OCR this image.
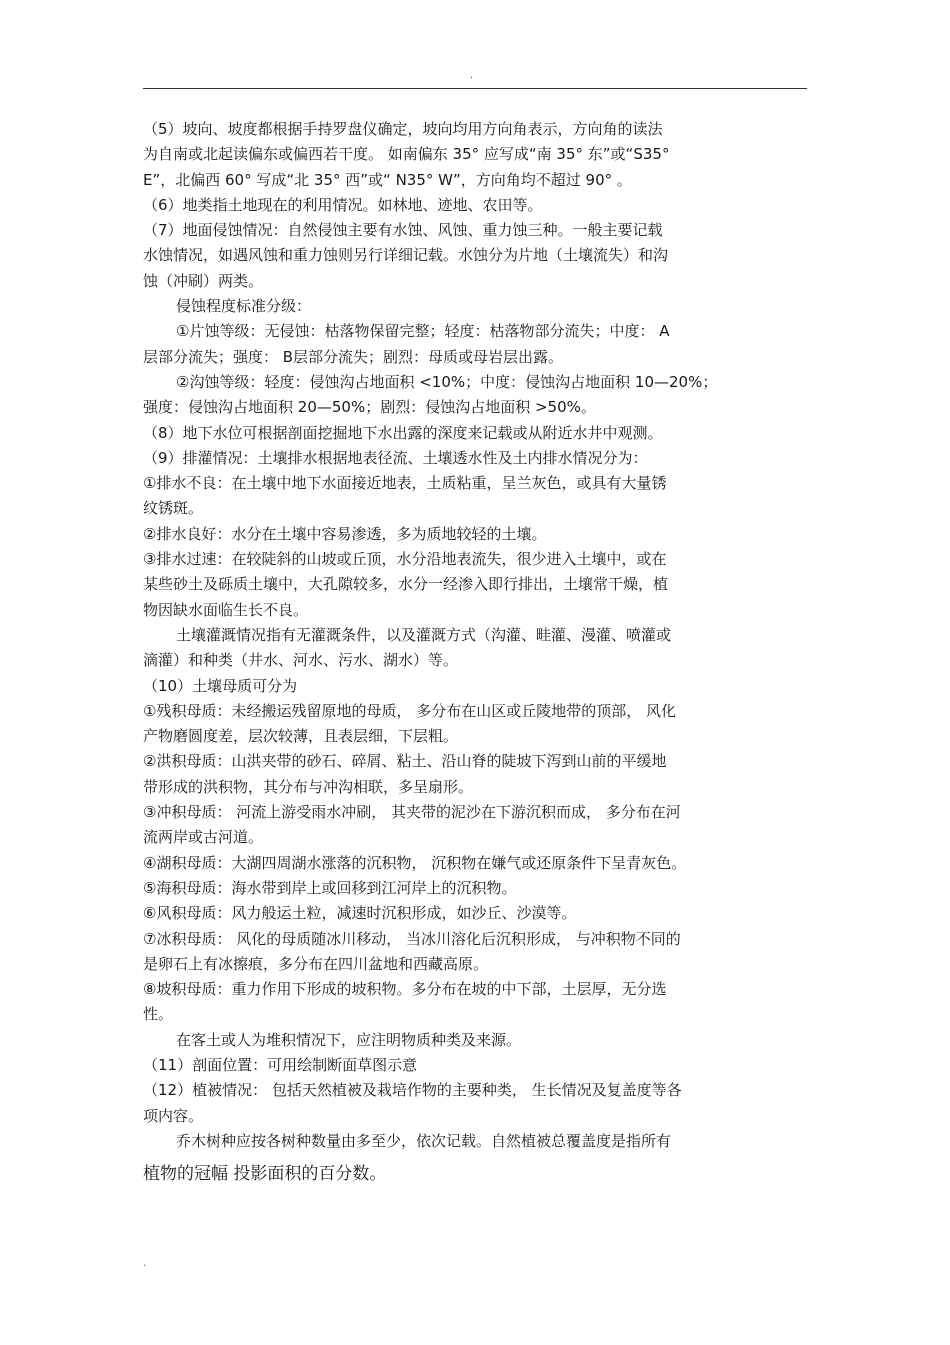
.

（5）坡向、坡度都根据手持罗盘仪确定，坡向均用方向角表示，方向角的读法

为自南或北起读偏东或偏西若干度。 如南偏东 35° 应写成“南 35° 东”或“S35°

E”，北偏西 60° 写成“北 35° 西”或“ N35° W”，方向角均不超过 90° 。

（6）地类指土地现在的利用情况。如林地、迹地、农田等。

（7）地面侵蚀情况：自然侵蚀主要有水蚀、风蚀、重力蚀三种。一般主要记载

水蚀情况，如遇风蚀和重力蚀则另行详细记载。水蚀分为片地（土壤流失）和沟

蚀（冲刷）两类。

侵蚀程度标准分级：

①片蚀等级：无侵蚀：枯落物保留完整；轻度：枯落物部分流失；中度： A

层部分流失；强度： B层部分流失；剧烈：母质或母岩层出露。

②沟蚀等级：轻度：侵蚀沟占地面积 <10%；中度：侵蚀沟占地面积 10—20%；

强度：侵蚀沟占地面积 20—50%；剧烈：侵蚀沟占地面积 >50%。

（8）地下水位可根据剖面挖掘地下水出露的深度来记载或从附近水井中观测。

（9）排灌情况：土壤排水根据地表径流、土壤透水性及土内排水情况分为：

①排水不良：在土壤中地下水面接近地表，土质粘重，呈兰灰色，或具有大量锈

纹锈斑。

②排水良好：水分在土壤中容易渗透，多为质地较轻的土壤。

③排水过速：在较陡斜的山坡或丘顶，水分沿地表流失，很少进入土壤中，或在

某些砂土及砾质土壤中，大孔隙较多，水分一经渗入即行排出，土壤常干燥，植

物因缺水面临生长不良。

土壤灌溉情况指有无灌溉条件，以及灌溉方式（沟灌、畦灌、漫灌、喷灌或

滴灌）和种类（井水、河水、污水、湖水）等。

（10）土壤母质可分为

①残积母质：未经搬运残留原地的母质， 多分布在山区或丘陵地带的顶部， 风化

产物磨圆度差，层次较薄，且表层细，下层粗。

②洪积母质：山洪夹带的砂石、碎屑、粘土、沿山脊的陡坡下泻到山前的平缓地

带形成的洪积物，其分布与冲沟相联，多呈扇形。

③冲积母质： 河流上游受雨水冲刷， 其夹带的泥沙在下游沉积而成， 多分布在河

流两岸或古河道。

④湖积母质：大湖四周湖水涨落的沉积物， 沉积物在嫌气或还原条件下呈青灰色。

⑤海积母质：海水带到岸上或回移到江河岸上的沉积物。

⑥风积母质：风力般运土粒，减速时沉积形成，如沙丘、沙漠等。

⑦冰积母质： 风化的母质随冰川移动， 当冰川溶化后沉积形成， 与冲积物不同的

是卵石上有冰擦痕，多分布在四川盆地和西藏高原。

⑧坡积母质：重力作用下形成的坡积物。多分布在坡的中下部，土层厚，无分选

性。

在客土或人为堆积情况下，应注明物质种类及来源。

（11）剖面位置：可用绘制断面草图示意

（12）植被情况： 包括天然植被及栽培作物的主要种类， 生长情况及复盖度等各

项内容。

乔木树种应按各树种数量由多至少，依次记载。自然植被总覆盖度是指所有

植物的冠幅 投影面积的百分数。

.
